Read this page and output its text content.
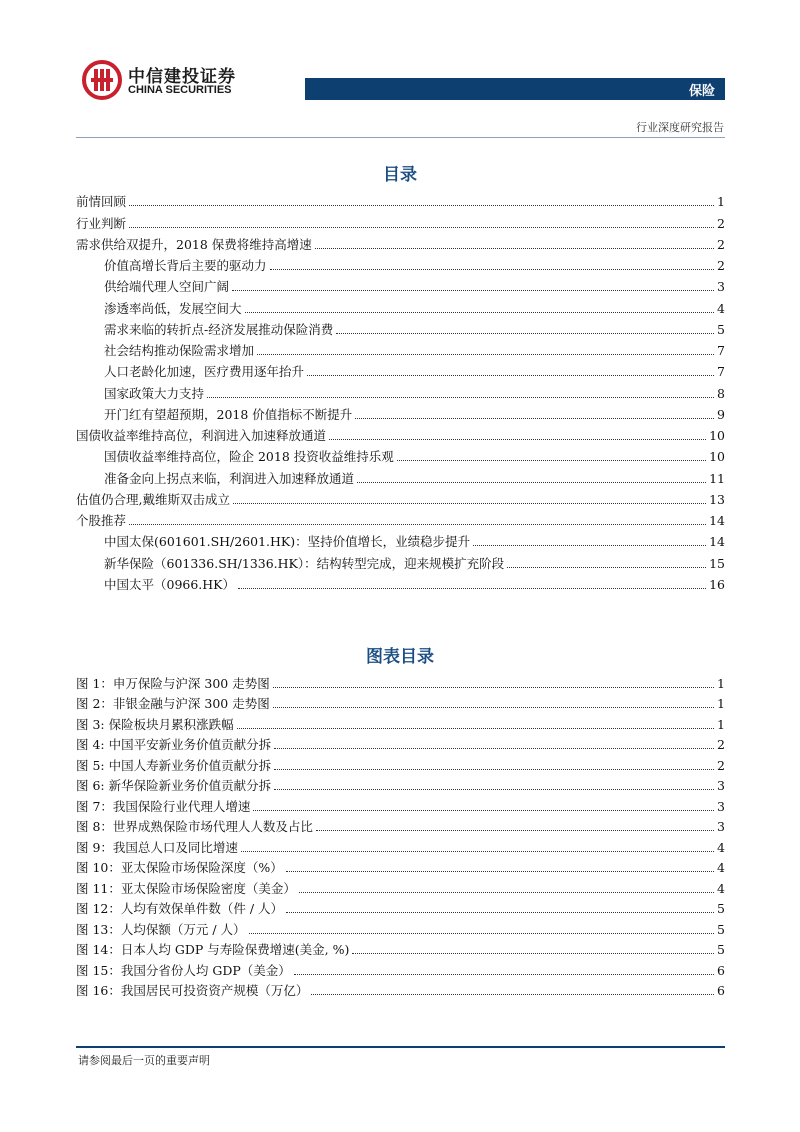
中信建投证券
CHINA SECURITIES	保险
行业深度研究报告
目录
前情回顾	1
行业判断	2
需求供给双提升，2018 保费将维持高增速	2
价值高增长背后主要的驱动力	2
供给端代理人空间广阔	3
渗透率尚低，发展空间大	4
需求来临的转折点-经济发展推动保险消费	5
社会结构推动保险需求增加	7
人口老龄化加速，医疗费用逐年抬升	7
国家政策大力支持	8
开门红有望超预期，2018 价值指标不断提升	9
国债收益率维持高位，利润进入加速释放通道	10
国债收益率维持高位，险企 2018 投资收益维持乐观	10
准备金向上拐点来临，利润进入加速释放通道	11
估值仍合理,戴维斯双击成立	13
个股推荐	14
中国太保(601601.SH/2601.HK)：坚持价值增长，业绩稳步提升	14
新华保险（601336.SH/1336.HK）：结构转型完成，迎来规模扩充阶段	15
中国太平（0966.HK）	16
图表目录
图 1：申万保险与沪深 300 走势图	1
图 2：非银金融与沪深 300 走势图	1
图 3: 保险板块月累积涨跌幅	1
图 4: 中国平安新业务价值贡献分拆	2
图 5: 中国人寿新业务价值贡献分拆	2
图 6: 新华保险新业务价值贡献分拆	3
图 7：我国保险行业代理人增速	3
图 8：世界成熟保险市场代理人人数及占比	3
图 9：我国总人口及同比增速	4
图 10：亚太保险市场保险深度（%）	4
图 11：亚太保险市场保险密度（美金）	4
图 12：人均有效保单件数（件 / 人）	5
图 13：人均保额（万元 / 人）	5
图 14：日本人均 GDP 与寿险保费增速(美金, %)	5
图 15：我国分省份人均 GDP（美金）	6
图 16：我国居民可投资资产规模（万亿）	6
请参阅最后一页的重要声明
